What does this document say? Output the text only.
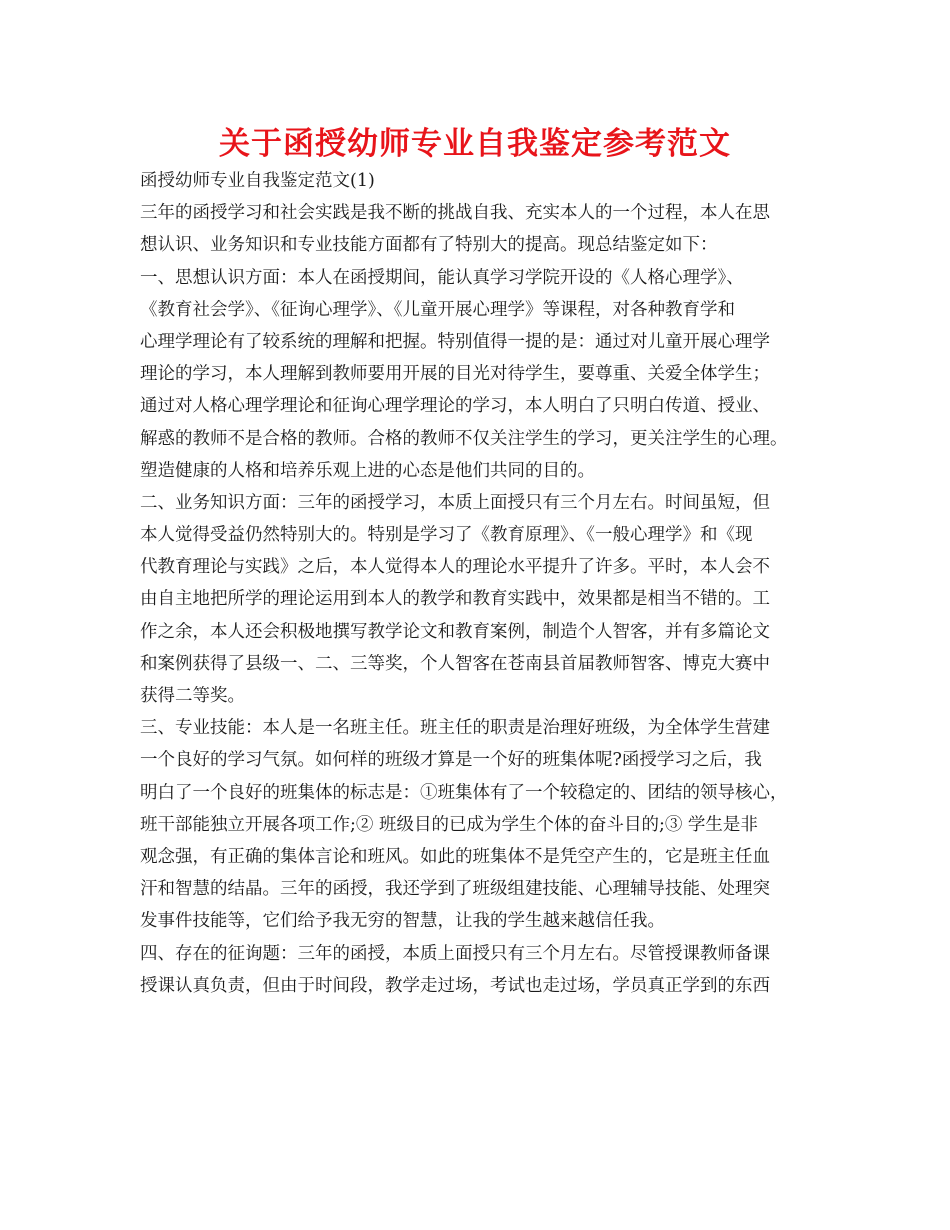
关于函授幼师专业自我鉴定参考范文
函授幼师专业自我鉴定范文(1)
三年的函授学习和社会实践是我不断的挑战自我、充实本人的一个过程，本人在思
想认识、业务知识和专业技能方面都有了特别大的提高。现总结鉴定如下：
一、思想认识方面：本人在函授期间，能认真学习学院开设的《人格心理学》、
《教育社会学》、《征询心理学》、《儿童开展心理学》等课程，对各种教育学和
心理学理论有了较系统的理解和把握。特别值得一提的是：通过对儿童开展心理学
理论的学习，本人理解到教师要用开展的目光对待学生，要尊重、关爱全体学生；
通过对人格心理学理论和征询心理学理论的学习，本人明白了只明白传道、授业、
解惑的教师不是合格的教师。合格的教师不仅关注学生的学习，更关注学生的心理。
塑造健康的人格和培养乐观上进的心态是他们共同的目的。
二、业务知识方面：三年的函授学习，本质上面授只有三个月左右。时间虽短，但
本人觉得受益仍然特别大的。特别是学习了《教育原理》、《一般心理学》和《现
代教育理论与实践》之后，本人觉得本人的理论水平提升了许多。平时，本人会不
由自主地把所学的理论运用到本人的教学和教育实践中，效果都是相当不错的。工
作之余，本人还会积极地撰写教学论文和教育案例，制造个人智客，并有多篇论文
和案例获得了县级一、二、三等奖，个人智客在苍南县首届教师智客、博克大赛中
获得二等奖。
三、专业技能：本人是一名班主任。班主任的职责是治理好班级，为全体学生营建
一个良好的学习气氛。如何样的班级才算是一个好的班集体呢?函授学习之后，我
明白了一个良好的班集体的标志是：①班集体有了一个较稳定的、团结的领导核心，
班干部能独立开展各项工作;② 班级目的已成为学生个体的奋斗目的;③ 学生是非
观念强，有正确的集体言论和班风。如此的班集体不是凭空产生的，它是班主任血
汗和智慧的结晶。三年的函授，我还学到了班级组建技能、心理辅导技能、处理突
发事件技能等，它们给予我无穷的智慧，让我的学生越来越信任我。
四、存在的征询题：三年的函授，本质上面授只有三个月左右。尽管授课教师备课
授课认真负责，但由于时间段，教学走过场，考试也走过场，学员真正学到的东西
